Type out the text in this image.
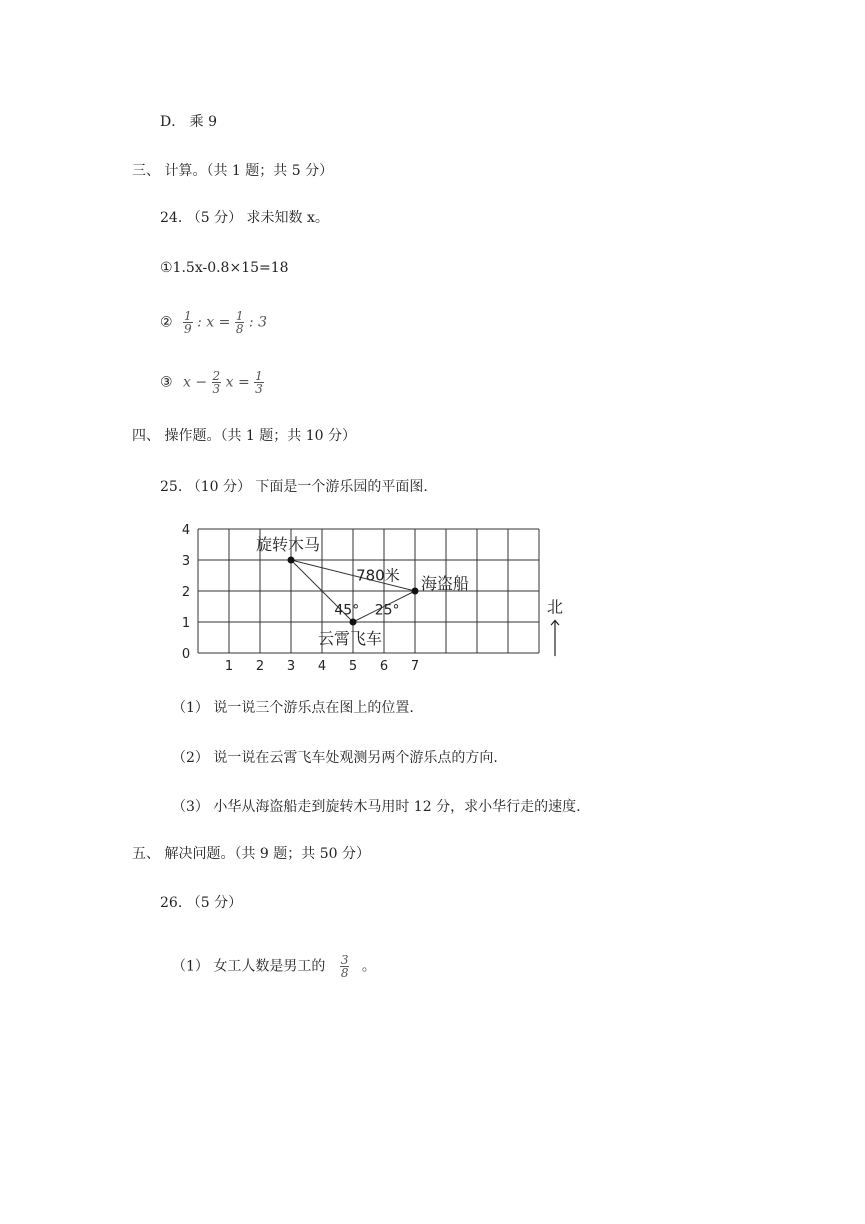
D． 乘 9
三、 计算。（共 1 题；共 5 分）
24. （5 分） 求未知数 x。
①1.5x-0.8×15=18
② $\frac{1}{9}$ : $x = \frac{1}{8}$ : 3
③ $x - \frac{2}{3}$ $x = \frac{1}{3}$
四、 操作题。（共 1 题；共 10 分）
25. （10 分） 下面是一个游乐园的平面图.
1 2 3 4 5 6 7
0
1
2
3
4
旋转木马
海盗船
云霄飞车
780米
45° 25°	北
（1） 说一说三个游乐点在图上的位置.
（2） 说一说在云霄飞车处观测另两个游乐点的方向.
（3） 小华从海盗船走到旋转木马用时 12 分，求小华行走的速度.
五、 解决问题。（共 9 题；共 50 分）
26. （5 分）
（1） 女工人数是男工的 $\frac{3}{8}$ 。
